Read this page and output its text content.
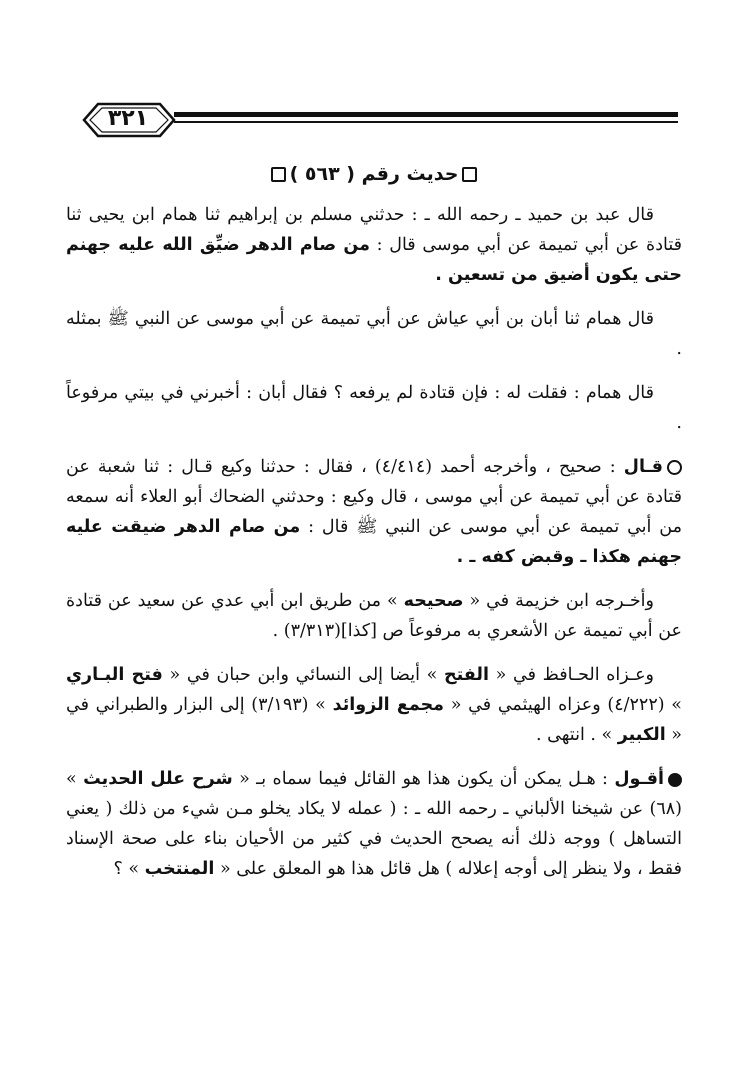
٣٢١
حديث رقم ( ٥٦٣ )

قال عبد بن حميد ـ رحمه الله ـ : حدثني مسلم بن إبراهيم ثنا همام ابن يحيى ثنا قتادة عن أبي تميمة عن أبي موسى قال : من صام الدهر ضيِّق الله عليه جهنم حتى يكون أضيق من تسعين .

قال همام ثنا أبان بن أبي عياش عن أبي تميمة عن أبي موسى عن النبي ﷺ بمثله .

قال همام : فقلت له : فإن قتادة لم يرفعه ؟ فقال أبان : أخبرني في بيتي مرفوعاً .

قـال : صحيح ، وأخرجه أحمد (٤/٤١٤) ، فقال : حدثنا وكيع قـال : ثنا شعبة عن قتادة عن أبي تميمة عن أبي موسى ، قال وكيع : وحدثني الضحاك أبو العلاء أنه سمعه من أبي تميمة عن أبي موسى عن النبي ﷺ قال : من صام الدهر ضيقت عليه جهنم هكذا ـ وقبض كفه ـ .

وأخـرجه ابن خزيمة في « صحيحه » من طريق ابن أبي عدي عن سعيد عن قتادة عن أبي تميمة عن الأشعري به مرفوعاً ص [كذا](٣/٣١٣) .

وعـزاه الحـافظ في « الفتح » أيضا إلى النسائي وابن حبان في « فتح البـاري » (٤/٢٢٢) وعزاه الهيثمي في « مجمع الزوائد » (٣/١٩٣) إلى البزار والطبراني في « الكبير » . انتهى .

أقـول : هـل يمكن أن يكون هذا هو القائل فيما سماه بـ « شرح علل الحديث » (٦٨) عن شيخنا الألباني ـ رحمه الله ـ : ( عمله لا يكاد يخلو مـن شيء من ذلك ( يعني التساهل ) ووجه ذلك أنه يصحح الحديث في كثير من الأحيان بناء على صحة الإسناد فقط ، ولا ينظر إلى أوجه إعلاله ) هل قائل هذا هو المعلق على « المنتخب » ؟
